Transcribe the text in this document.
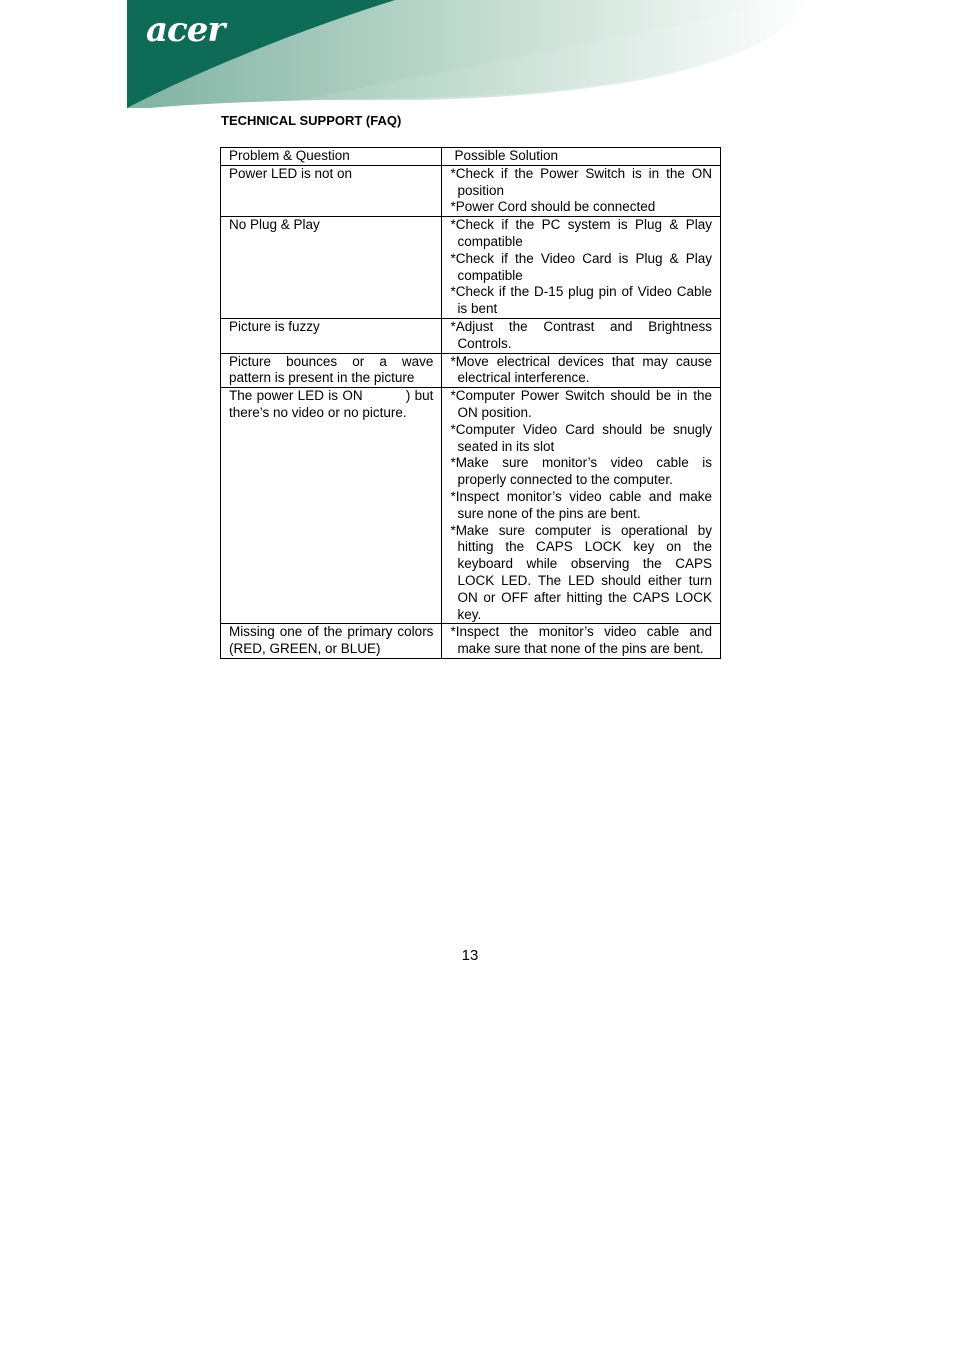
acer
TECHNICAL SUPPORT (FAQ)
Problem & Question	Possible Solution

Power LED is not on	*Check if the Power Switch is in the ON position
*Power Cord should be connected

No Plug & Play	*Check if the PC system is Plug & Play compatible
*Check if the Video Card is Plug & Play compatible
*Check if the D-15 plug pin of Video Cable is bent

Picture is fuzzy	*Adjust the Contrast and Brightness Controls.

Picture bounces or a wave pattern is present in the picture	*Move electrical devices that may cause electrical interference.

The power LED is ON          ) but there’s no video or no picture.	*Computer Power Switch should be in the ON position.
*Computer Video Card should be snugly seated in its slot
*Make sure monitor’s video cable is properly connected to the computer.
*Inspect monitor’s video cable and make sure none of the pins are bent.
*Make sure computer is operational by hitting the CAPS LOCK key on the keyboard while observing the CAPS LOCK LED. The LED should either turn ON or OFF after hitting the CAPS LOCK key.

Missing one of the primary colors (RED, GREEN, or BLUE)	*Inspect the monitor’s video cable and make sure that none of the pins are bent.
13
